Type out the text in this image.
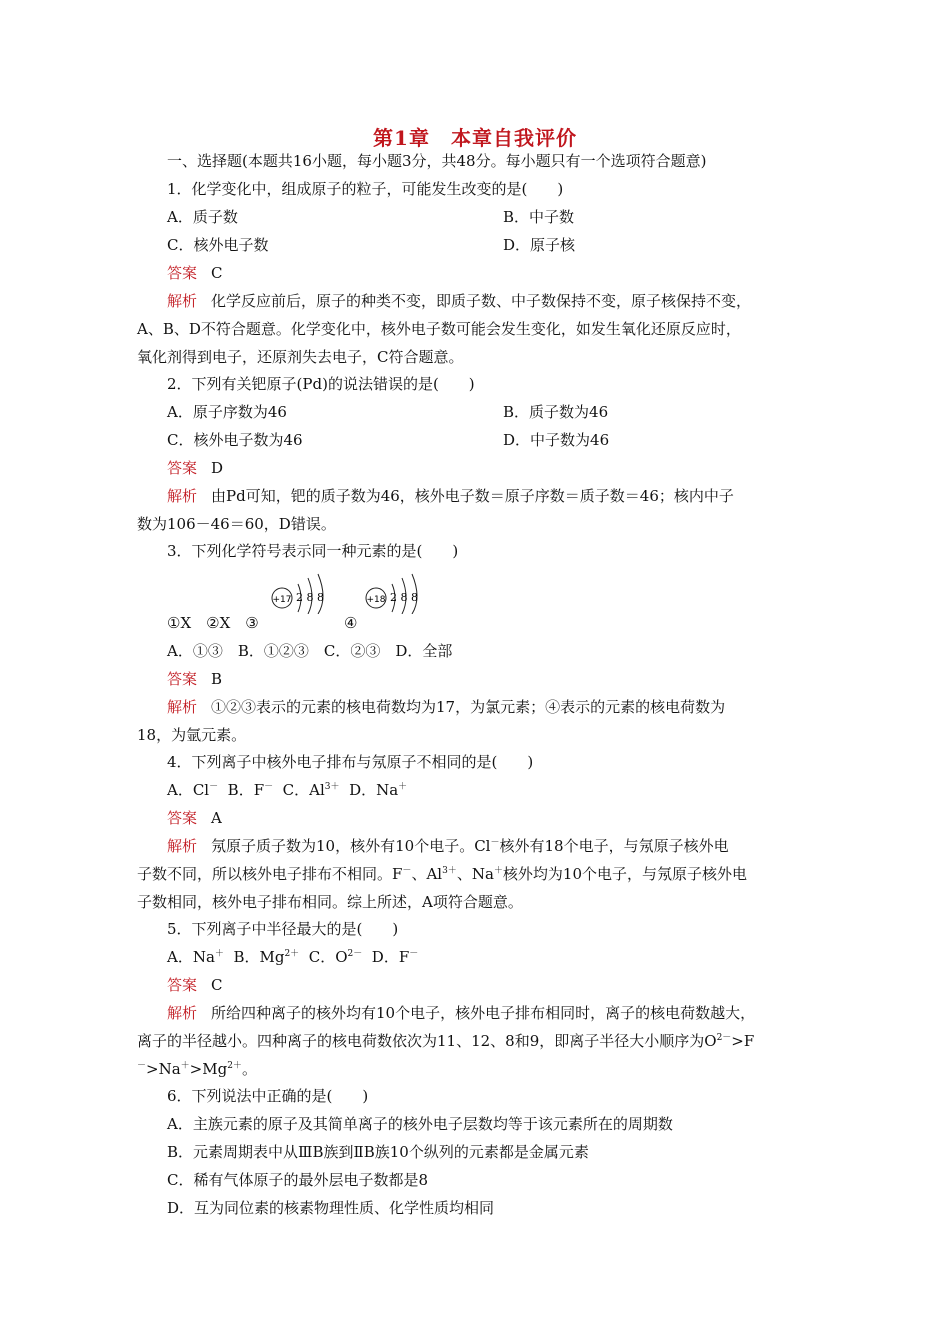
第1章　本章自我评价
一、选择题(本题共16小题，每小题3分，共48分。每小题只有一个选项符合题意)
1．化学变化中，组成原子的粒子，可能发生改变的是(　　)
A．质子数	B．中子数
C．核外电子数	D．原子核
答案 C
解析 化学反应前后，原子的种类不变，即质子数、中子数保持不变，原子核保持不变，
A、B、D不符合题意。化学变化中，核外电子数可能会发生变化，如发生氧化还原反应时，
氧化剂得到电子，还原剂失去电子，C符合题意。
2．下列有关钯原子(Pd)的说法错误的是(　　)
A．原子序数为46	B．质子数为46
C．核外电子数为46	D．中子数为46
答案 D
解析 由Pd可知，钯的质子数为46，核外电子数＝原子序数＝质子数＝46；核内中子
数为106－46＝60，D错误。
3．下列化学符号表示同一种元素的是(　　)
+17 2 8 8	+18 2 8 8
①X　②X　③	④
A．①③　B．①②③　C．②③　D．全部
答案 B
解析 ①②③表示的元素的核电荷数均为17，为氯元素；④表示的元素的核电荷数为
18，为氩元素。
4．下列离子中核外电子排布与氖原子不相同的是(　　)
A．Cl－ B．F－ C．$Al^{3+}$ D．Na＋
答案 A
解析 氖原子质子数为10，核外有10个电子。Cl－核外有18个电子，与氖原子核外电
子数不同，所以核外电子排布不相同。F－、$Al^{3+}$、Na＋核外均为10个电子，与氖原子核外电
子数相同，核外电子排布相同。综上所述，A项符合题意。
5．下列离子中半径最大的是(　　)
A．Na＋ B．$Mg^{2+}$ C．$O^{2-}$ D．F－
答案 C
解析 所给四种离子的核外均有10个电子，核外电子排布相同时，离子的核电荷数越大，
离子的半径越小。四种离子的核电荷数依次为11、12、8和9，即离子半径大小顺序为$O^{2-}>F$
$^->Na^+>Mg^{2+}$。
6．下列说法中正确的是(　　)
A．主族元素的原子及其简单离子的核外电子层数均等于该元素所在的周期数
B．元素周期表中从ⅢB族到ⅡB族10个纵列的元素都是金属元素
C．稀有气体原子的最外层电子数都是8
D．互为同位素的核素物理性质、化学性质均相同
